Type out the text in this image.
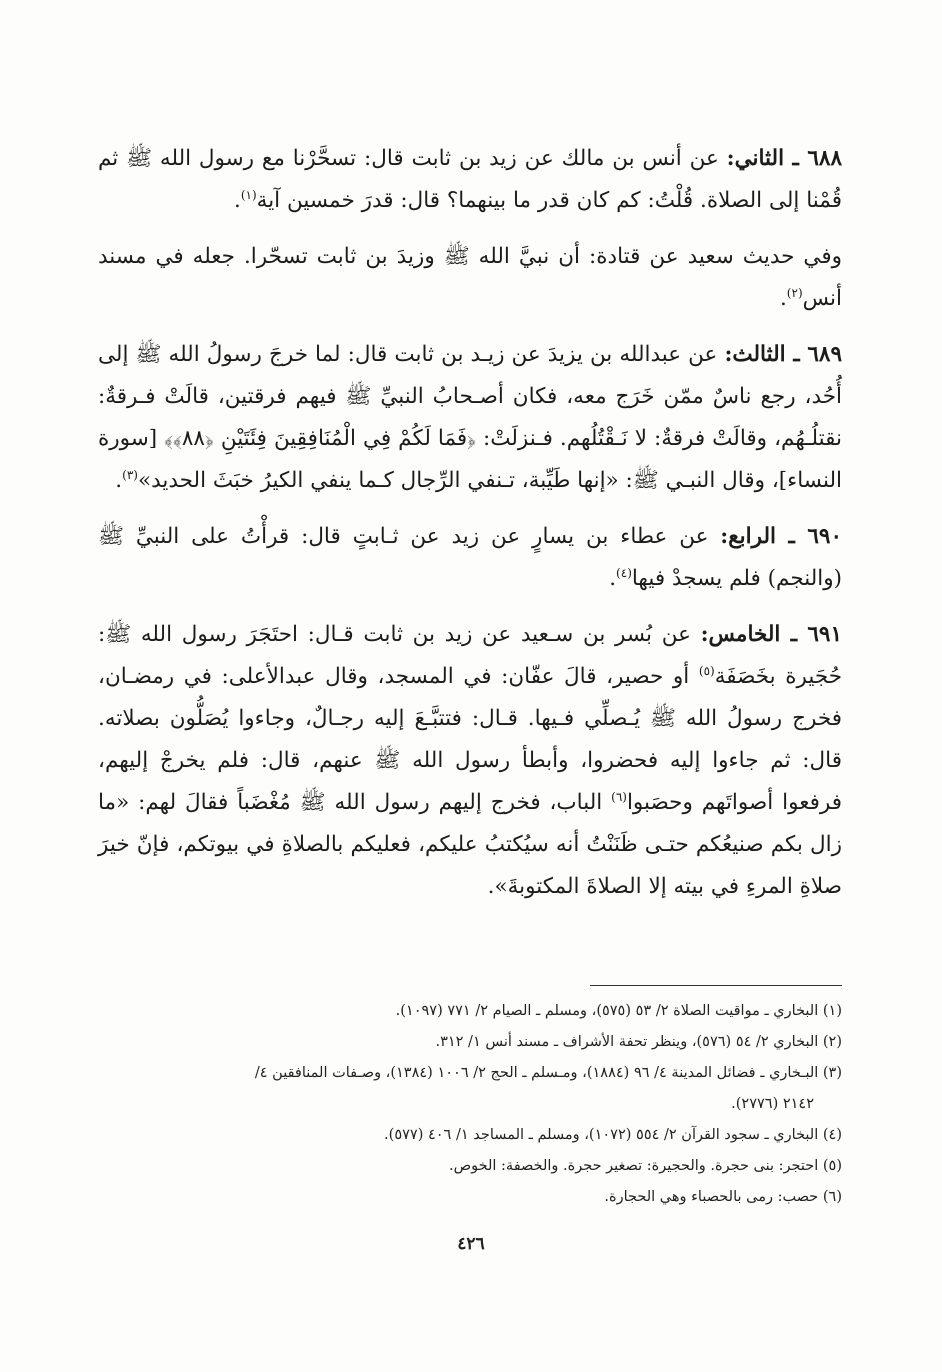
٦٨٨ ـ الثاني: عن أنس بن مالك عن زيد بن ثابت قال: تسحَّرْنا مع رسول الله ﷺ ثم قُمْنا إلى الصلاة. قُلْتُ: كم كان قدر ما بينهما؟ قال: قدرَ خمسين آية$^{(١)}$.

وفي حديث سعيد عن قتادة: أن نبيَّ الله ﷺ وزيدَ بن ثابت تسحّرا. جعله في مسند أنس$^{(٢)}$.

٦٨٩ ـ الثالث: عن عبدالله بن يزيدَ عن زيـد بن ثابت قال: لما خرجَ رسولُ الله ﷺ إلى أُحُد، رجع ناسٌ ممّن خَرَج معه، فكان أصـحابُ النبيِّ ﷺ فيهم فرقتين، قالَتْ فـرقةٌ: نقتلُـهُم، وقالَتْ فرقةٌ: لا نَـقْتُلُهم. فـنزلَتْ: ﴿فَمَا لَكُمْ فِي الْمُنَافِقِينَ فِئَتَيْنِ ﴿٨٨﴾﴾ [سورة النساء]، وقال النبـي ﷺ: «إنها طَيِّبة، تـنفي الرِّجال كـما ينفي الكيرُ خبَثَ الحديد»$^{(٣)}$.

٦٩٠ ـ الرابع: عن عطاء بن يسارٍ عن زيد عن ثـابتٍ قال: قرأْتُ على النبيِّ ﷺ (والنجم) فلم يسجدْ فيها$^{(٤)}$.

٦٩١ ـ الخامس: عن بُسر بن سـعيد عن زيد بن ثابت قـال: احتَجَرَ رسول الله ﷺ: حُجَيرة بخَصَفَة$^{(٥)}$ أو حصير، قالَ عفّان: في المسجد، وقال عبدالأعلى: في رمضـان، فخرج رسولُ الله ﷺ يُـصلِّي فـيها. قـال: فتتبَّـعَ إليه رجـالٌ، وجاءوا يُصَلُّون بصلاته. قال: ثم جاءوا إليه فحضروا، وأبطأ رسول الله ﷺ عنهم، قال: فلم يخرجْ إليهم، فرفعوا أصواتَهم وحصَبوا$^{(٦)}$ الباب، فخرج إليهم رسول الله ﷺ مُغْضَباً فقالَ لهم: «ما زال بكم صنيعُكم حتـى ظَنَنْتُ أنه سيُكتبُ عليكم، فعليكم بالصلاةِ في بيوتكم، فإنّ خيرَ صلاةِ المرءِ في بيته إلا الصلاةَ المكتوبةَ».

(١) البخاري ـ مواقيت الصلاة ٢/ ٥٣ (٥٧٥)، ومسلم ـ الصيام ٢/ ٧٧١ (١٠٩٧).

(٢) البخاري ٢/ ٥٤ (٥٧٦)، وينظر تحفة الأشراف ـ مسند أنس ١/ ٣١٢.

(٣) البـخاري ـ فضائل المدينة ٤/ ٩٦ (١٨٨٤)، ومـسلم ـ الحج ٢/ ١٠٠٦ (١٣٨٤)، وصـفات المنافقين ٤/

٢١٤٢ (٢٧٧٦).

(٤) البخاري ـ سجود القرآن ٢/ ٥٥٤ (١٠٧٢)، ومسلم ـ المساجد ١/ ٤٠٦ (٥٧٧).

(٥) احتجر: بنى حجرة. والحجيرة: تصغير حجرة. والخصفة: الخوص.

(٦) حصب: رمى بالحصباء وهي الحجارة.

٤٢٦
